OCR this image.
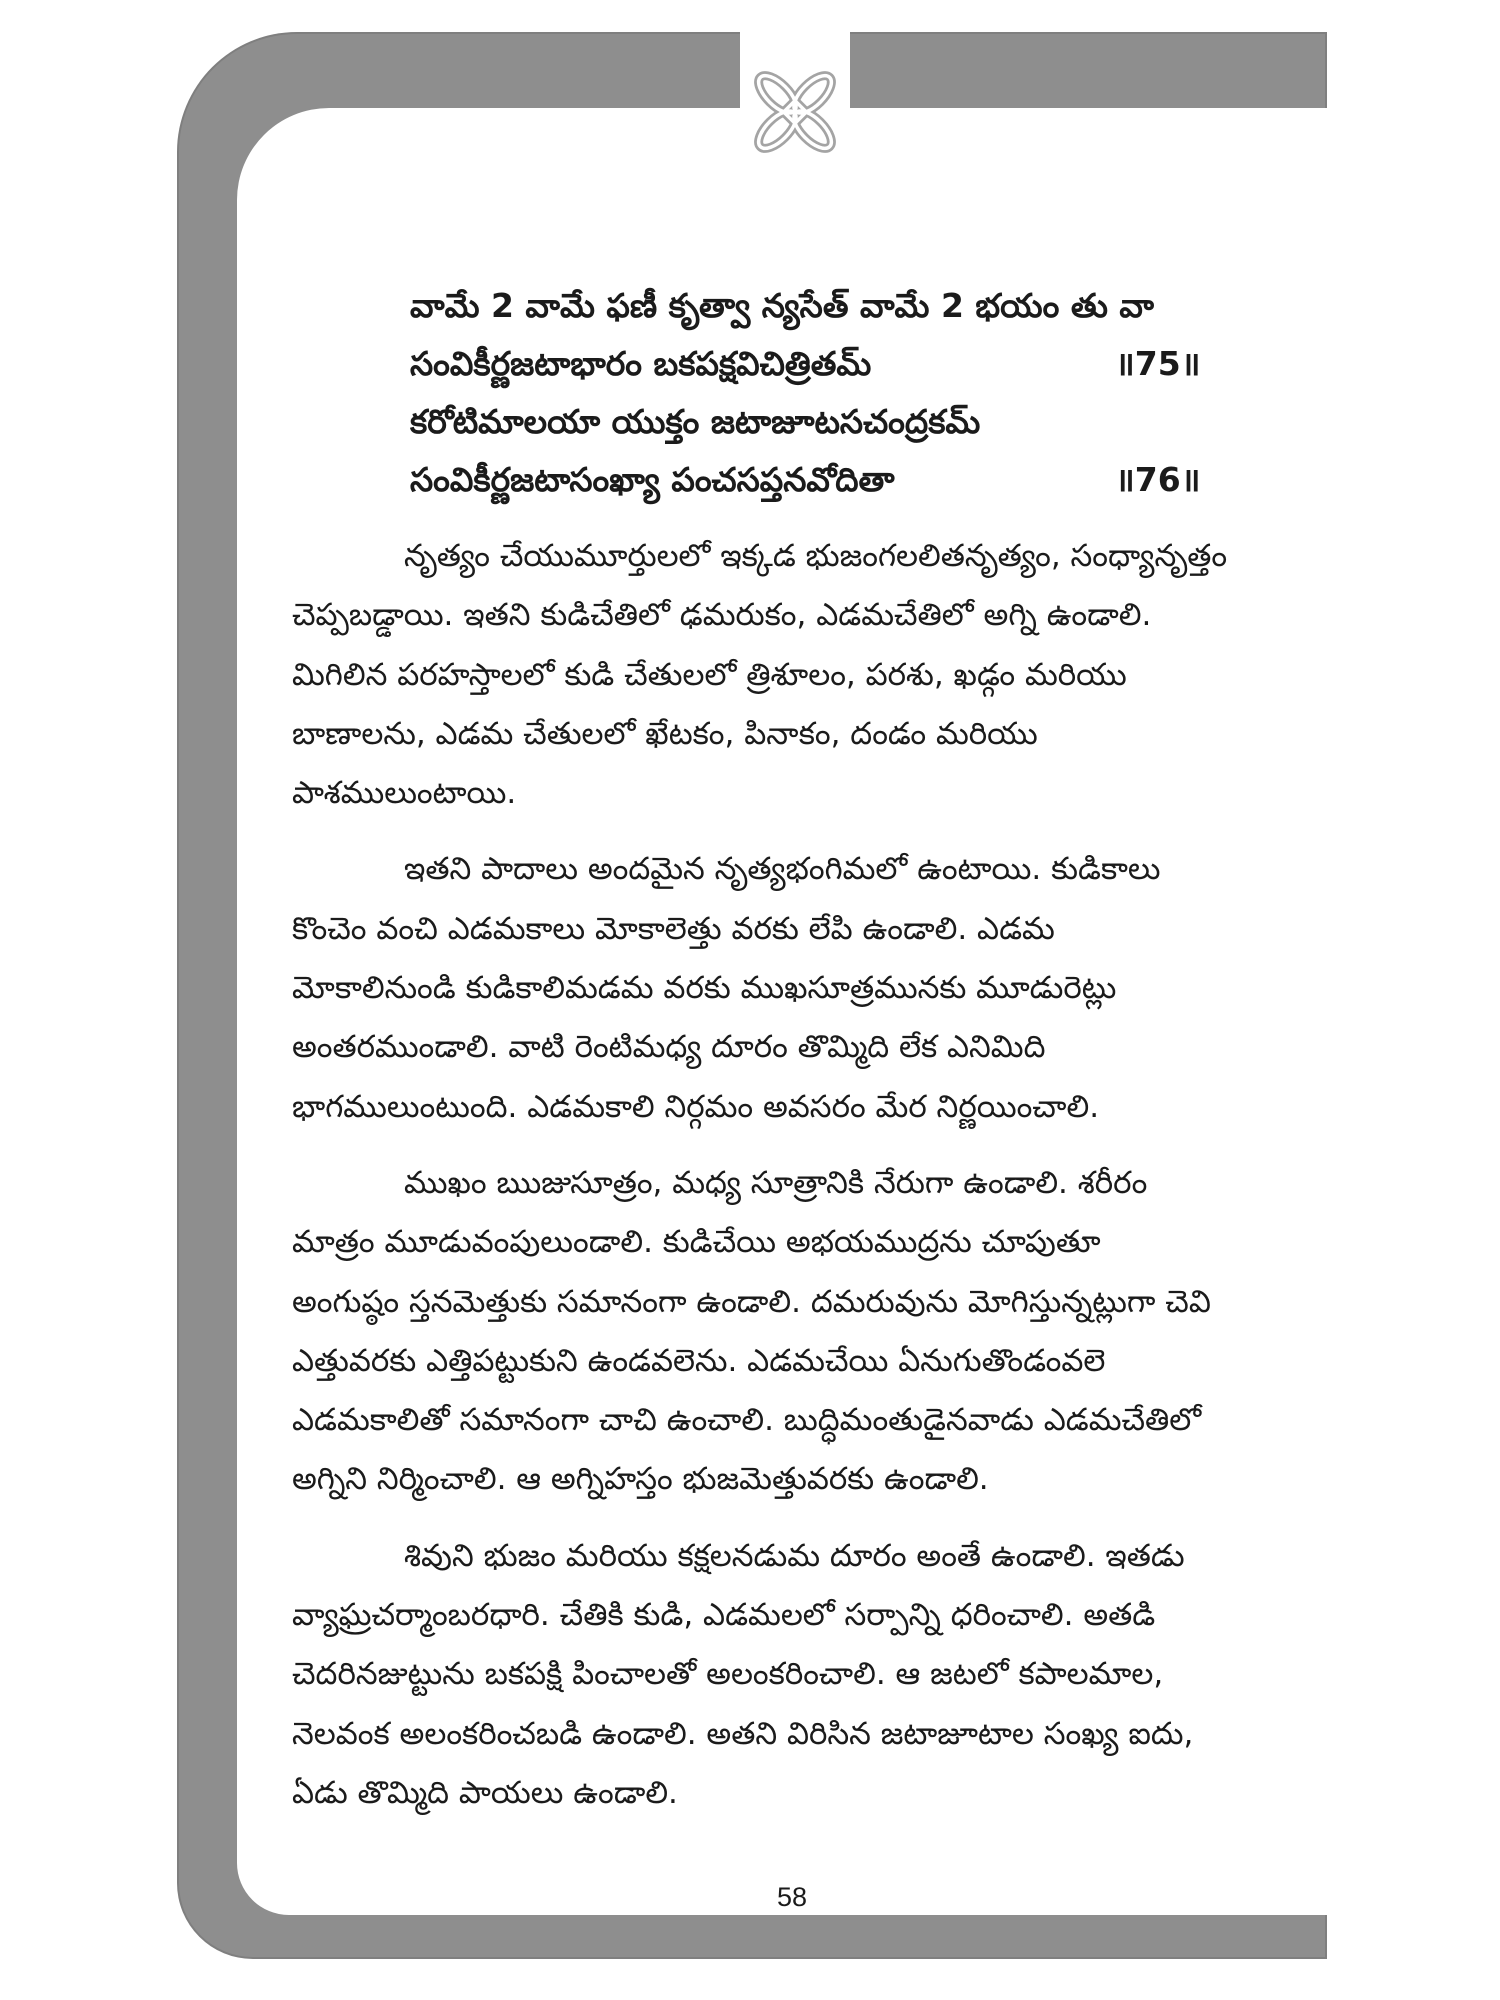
వామే 2 వామే ఫణీ కృత్వా న్యసేత్ వామే 2 భయం తు వా
సంవికీర్ణజటాభారం బకపక్షవిచిత్రితమ్	॥75॥
కరోటిమాలయా యుక్తం జటాజూటసచంద్రకమ్
సంవికీర్ణజటాసంఖ్యా పంచసప్తనవోదితా	॥76॥
నృత్యం చేయుమూర్తులలో ఇక్కడ భుజంగలలితనృత్యం, సంధ్యానృత్తం
చెప్పబడ్డాయి. ఇతని కుడిచేతిలో ఢమరుకం, ఎడమచేతిలో అగ్ని ఉండాలి.
మిగిలిన పరహస్తాలలో కుడి చేతులలో త్రిశూలం, పరశు, ఖడ్గం మరియు
బాణాలను, ఎడమ చేతులలో ఖేటకం, పినాకం, దండం మరియు
పాశములుంటాయి.
ఇతని పాదాలు అందమైన నృత్యభంగిమలో ఉంటాయి. కుడికాలు
కొంచెం వంచి ఎడమకాలు మోకాలెత్తు వరకు లేపి ఉండాలి. ఎడమ
మోకాలినుండి కుడికాలిమడమ వరకు ముఖసూత్రమునకు మూడురెట్లు
అంతరముండాలి. వాటి రెంటిమధ్య దూరం తొమ్మిది లేక ఎనిమిది
భాగములుంటుంది. ఎడమకాలి నిర్గమం అవసరం మేర నిర్ణయించాలి.
ముఖం ఋజుసూత్రం, మధ్య సూత్రానికి నేరుగా ఉండాలి. శరీరం
మాత్రం మూడువంపులుండాలి. కుడిచేయి అభయముద్రను చూపుతూ
అంగుష్ఠం స్తనమెత్తుకు సమానంగా ఉండాలి. దమరువును మోగిస్తున్నట్లుగా చెవి
ఎత్తువరకు ఎత్తిపట్టుకుని ఉండవలెను. ఎడమచేయి ఏనుగుతొండంవలె
ఎడమకాలితో సమానంగా చాచి ఉంచాలి. బుద్ధిమంతుడైనవాడు ఎడమచేతిలో
అగ్నిని నిర్మించాలి. ఆ అగ్నిహస్తం భుజమెత్తువరకు ఉండాలి.
శివుని భుజం మరియు కక్షలనడుమ దూరం అంతే ఉండాలి. ఇతడు
వ్యాఘ్రచర్మాంబరధారి. చేతికి కుడి, ఎడమలలో సర్పాన్ని ధరించాలి. అతడి
చెదరినజుట్టును బకపక్షి పించాలతో అలంకరించాలి. ఆ జటలో కపాలమాల,
నెలవంక అలంకరించబడి ఉండాలి. అతని విరిసిన జటాజూటాల సంఖ్య ఐదు,
ఏడు తొమ్మిది పాయలు ఉండాలి.
58
